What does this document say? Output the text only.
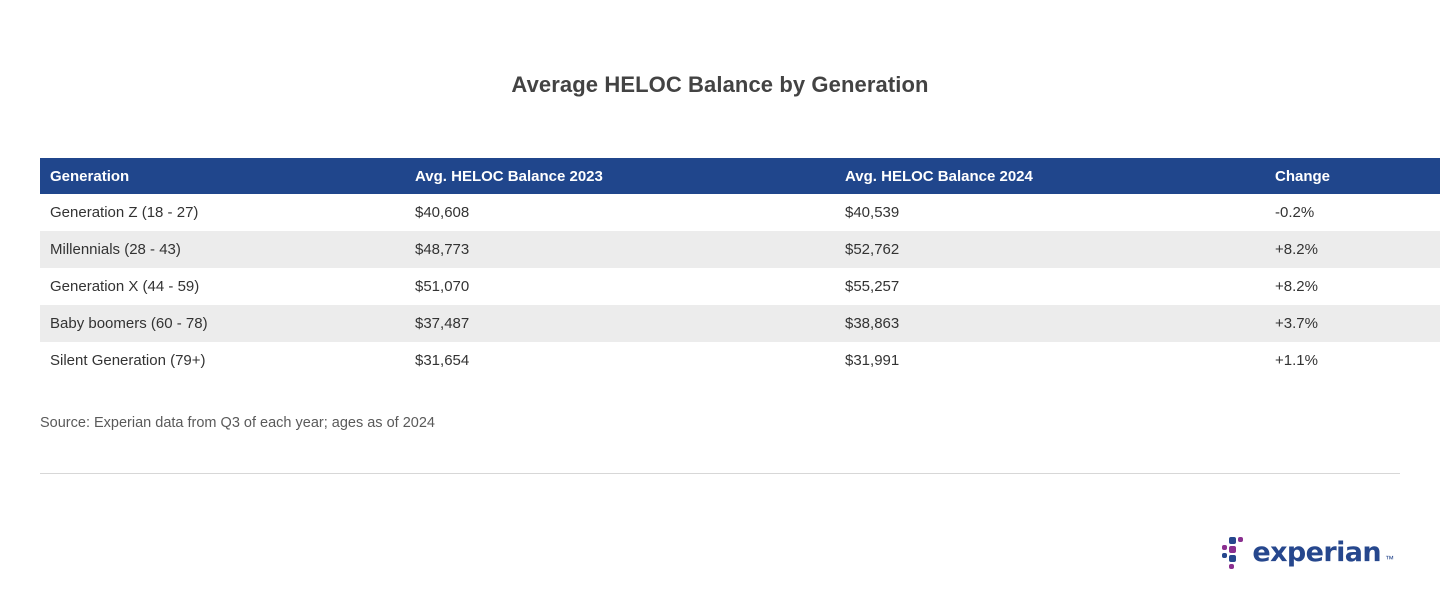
Average HELOC Balance by Generation
Generation	Avg. HELOC Balance 2023	Avg. HELOC Balance 2024	Change
Generation Z (18 - 27)	$40,608	$40,539	-0.2%
Millennials (28 - 43)	$48,773	$52,762	+8.2%
Generation X (44 - 59)	$51,070	$55,257	+8.2%
Baby boomers (60 - 78)	$37,487	$38,863	+3.7%
Silent Generation (79+)	$31,654	$31,991	+1.1%
Source: Experian data from Q3 of each year; ages as of 2024
experian ™
